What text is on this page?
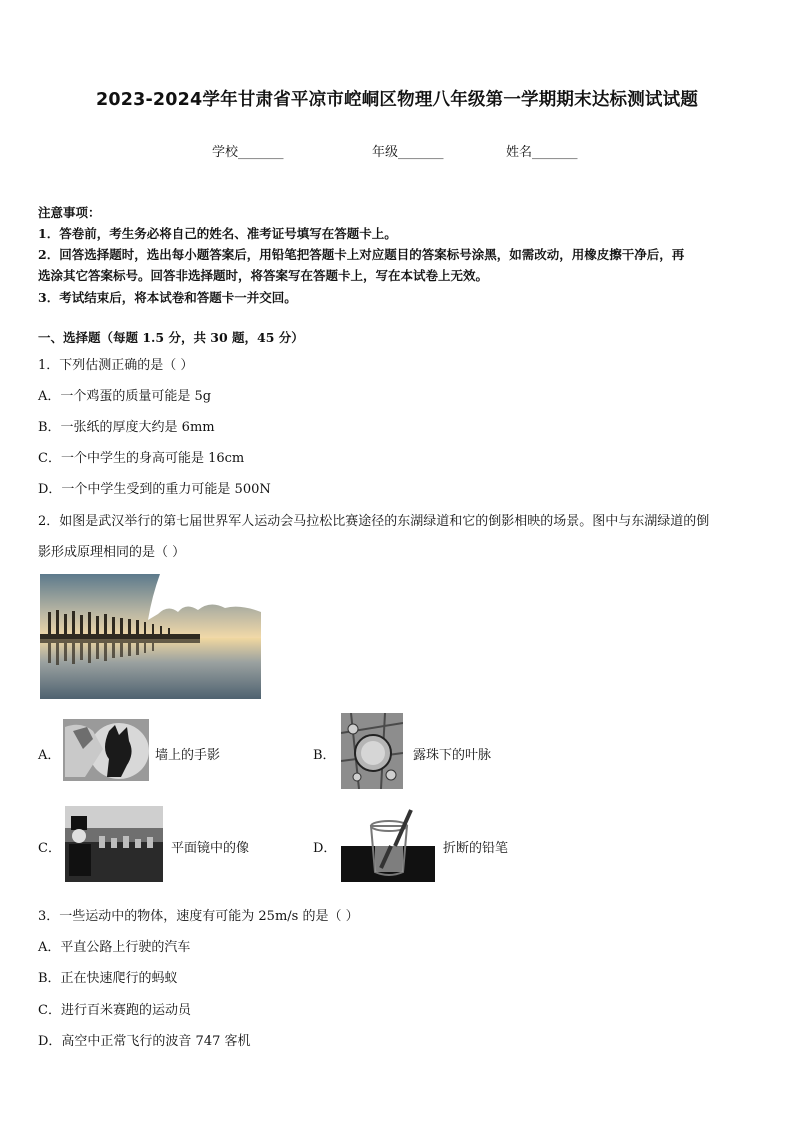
2023-2024学年甘肃省平凉市崆峒区物理八年级第一学期期末达标测试试题
学校_______	年级_______	姓名_______
注意事项：
1．答卷前，考生务必将自己的姓名、准考证号填写在答题卡上。
2．回答选择题时，选出每小题答案后，用铅笔把答题卡上对应题目的答案标号涂黑，如需改动，用橡皮擦干净后，再
选涂其它答案标号。回答非选择题时，将答案写在答题卡上，写在本试卷上无效。
3．考试结束后，将本试卷和答题卡一并交回。
一、选择题（每题 1.5 分，共 30 题，45 分）
1．下列估测正确的是（ ）
A．一个鸡蛋的质量可能是 5g
B．一张纸的厚度大约是 6mm
C．一个中学生的身高可能是 16cm
D．一个中学生受到的重力可能是 500N
2．如图是武汉举行的第七届世界军人运动会马拉松比赛途径的东湖绿道和它的倒影相映的场景。图中与东湖绿道的倒
影形成原理相同的是（ ）
A．	墙上的手影	B．	露珠下的叶脉
C．	平面镜中的像	D．	折断的铅笔
3．一些运动中的物体，速度有可能为 25m/s 的是（ ）
A．平直公路上行驶的汽车
B．正在快速爬行的蚂蚁
C．进行百米赛跑的运动员
D．高空中正常飞行的波音 747 客机
